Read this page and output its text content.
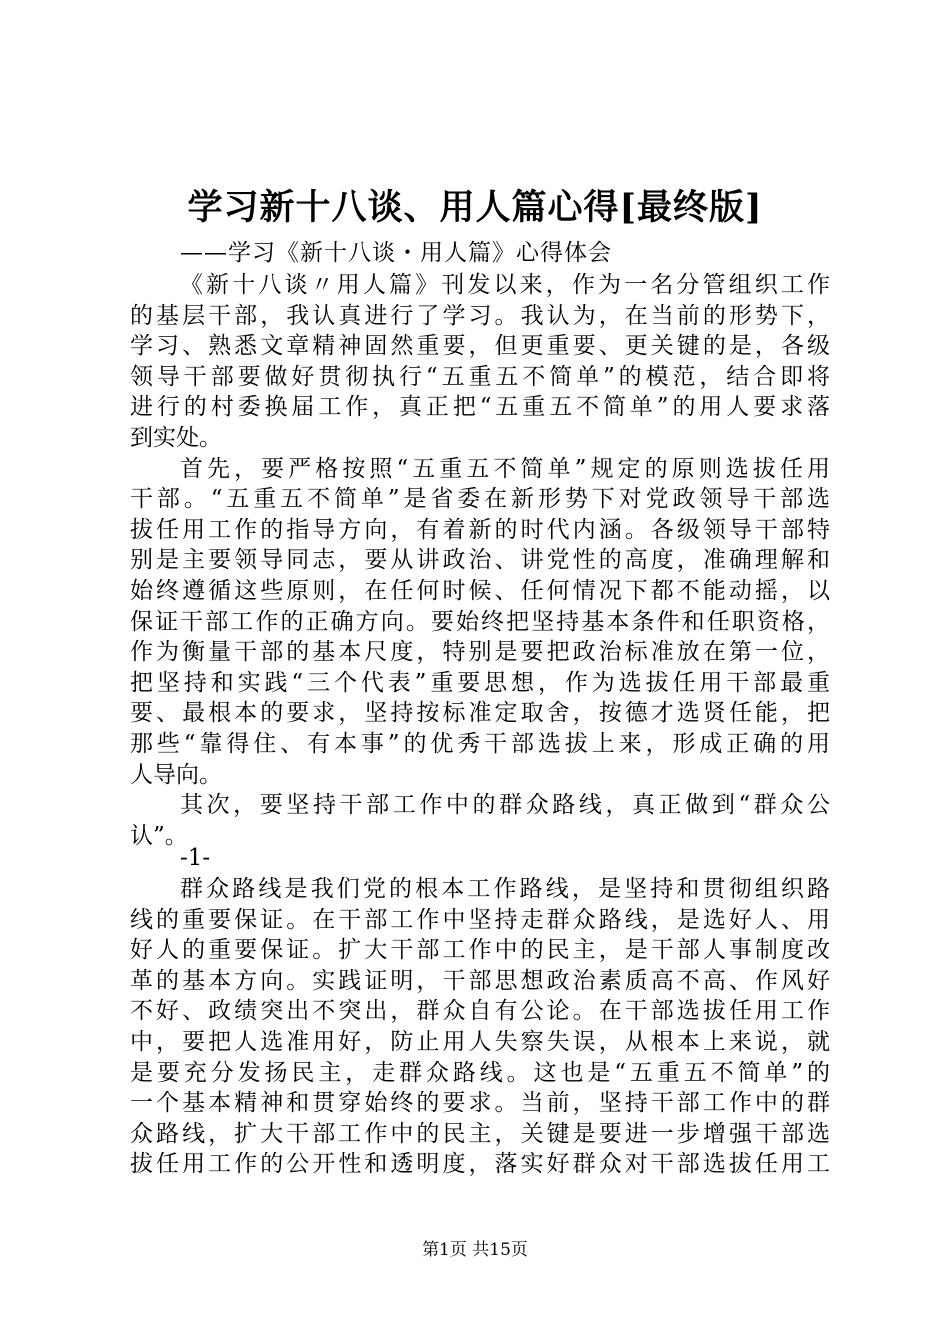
学习新十八谈、用人篇心得[最终版]
——学习《新十八谈・用人篇》心得体会
《新十八谈〃用人篇》刊发以来，作为一名分管组织工作
的基层干部，我认真进行了学习。我认为，在当前的形势下，
学习、熟悉文章精神固然重要，但更重要、更关键的是，各级
领导干部要做好贯彻执行“五重五不简单”的模范，结合即将
进行的村委换届工作，真正把“五重五不简单”的用人要求落
到实处。
首先，要严格按照“五重五不简单”规定的原则选拔任用
干部。“五重五不简单”是省委在新形势下对党政领导干部选
拔任用工作的指导方向，有着新的时代内涵。各级领导干部特
别是主要领导同志，要从讲政治、讲党性的高度，准确理解和
始终遵循这些原则，在任何时候、任何情况下都不能动摇，以
保证干部工作的正确方向。要始终把坚持基本条件和任职资格，
作为衡量干部的基本尺度，特别是要把政治标准放在第一位，
把坚持和实践“三个代表”重要思想，作为选拔任用干部最重
要、最根本的要求，坚持按标准定取舍，按德才选贤任能，把
那些“靠得住、有本事”的优秀干部选拔上来，形成正确的用
人导向。
其次，要坚持干部工作中的群众路线，真正做到“群众公
认”。
-1-
群众路线是我们党的根本工作路线，是坚持和贯彻组织路
线的重要保证。在干部工作中坚持走群众路线，是选好人、用
好人的重要保证。扩大干部工作中的民主，是干部人事制度改
革的基本方向。实践证明，干部思想政治素质高不高、作风好
不好、政绩突出不突出，群众自有公论。在干部选拔任用工作
中，要把人选准用好，防止用人失察失误，从根本上来说，就
是要充分发扬民主，走群众路线。这也是“五重五不简单”的
一个基本精神和贯穿始终的要求。当前，坚持干部工作中的群
众路线，扩大干部工作中的民主，关键是要进一步增强干部选
拔任用工作的公开性和透明度，落实好群众对干部选拔任用工
第1页 共15页
